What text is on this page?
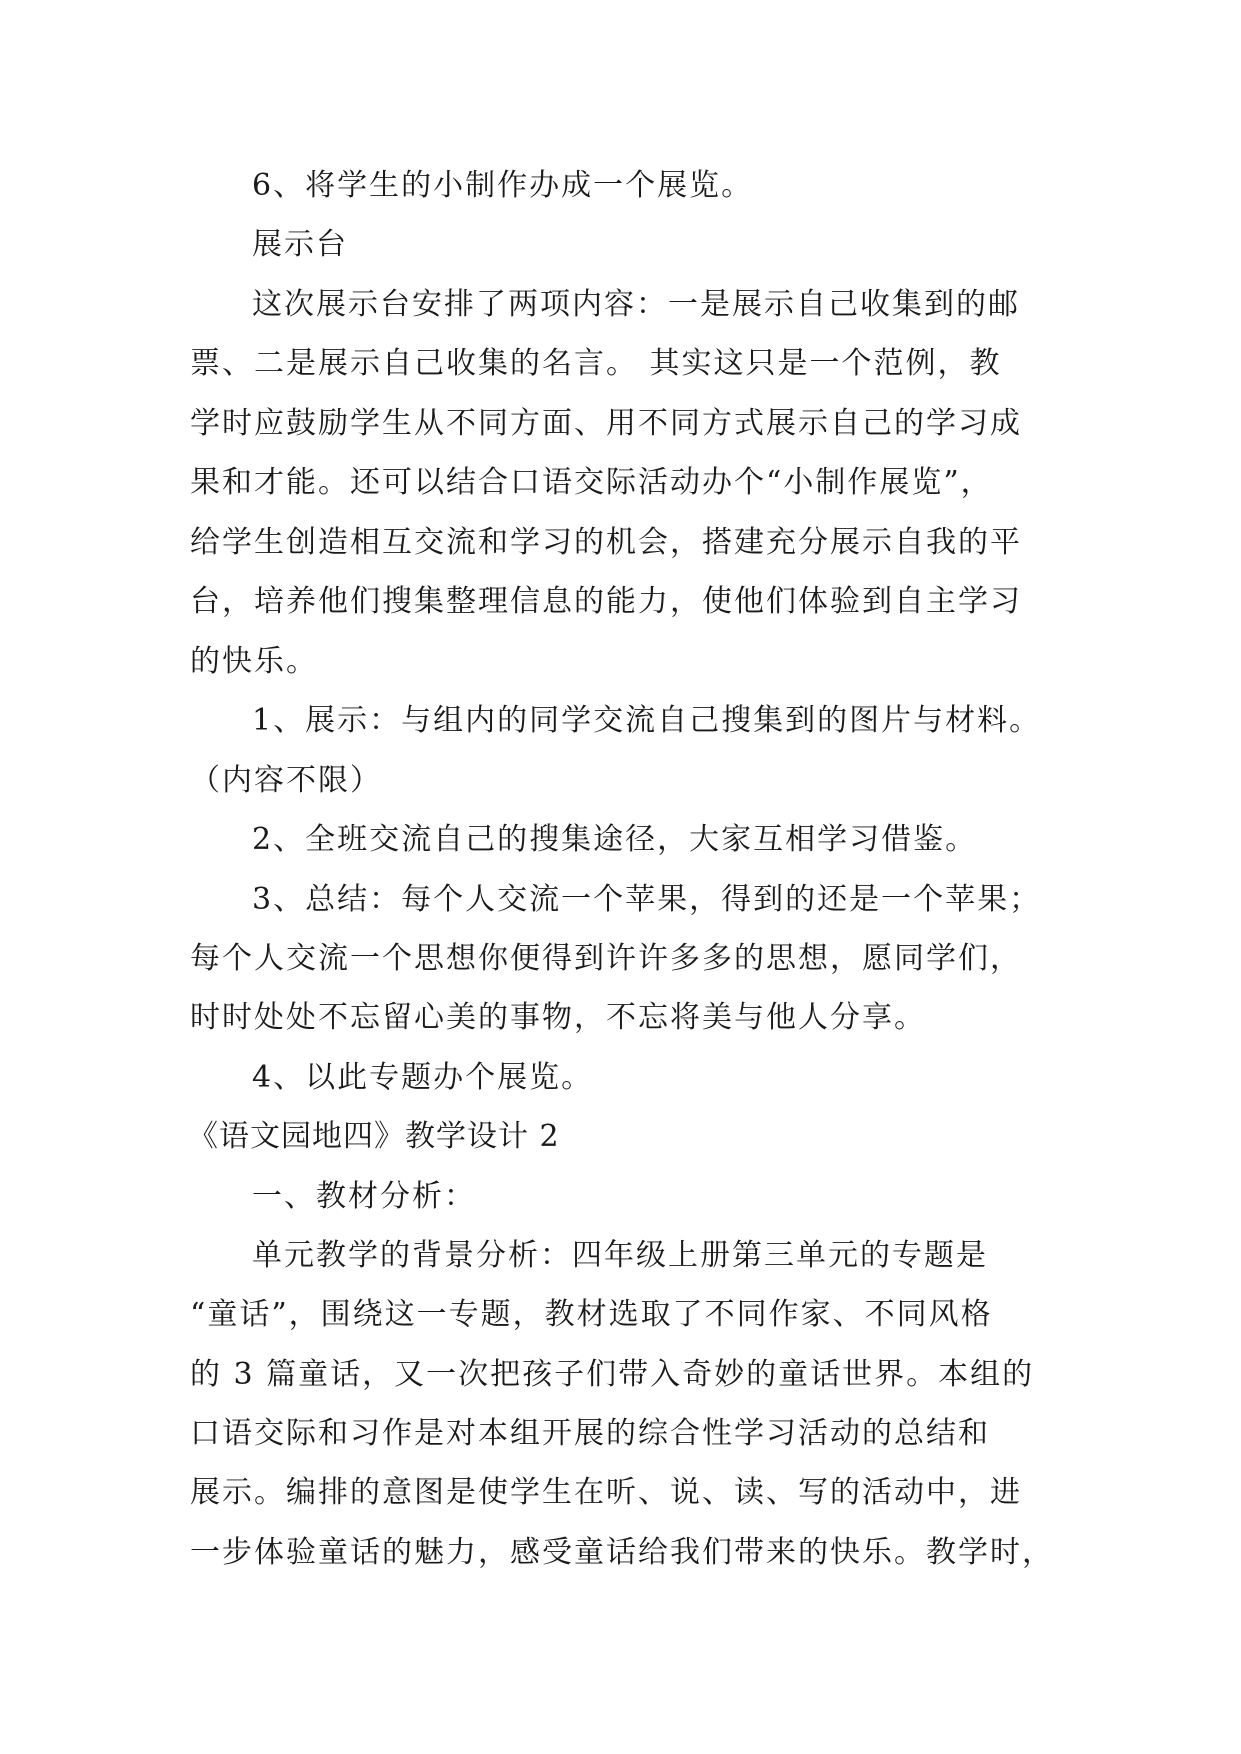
6、将学生的小制作办成一个展览。
展示台
这次展示台安排了两项内容：一是展示自己收集到的邮
票、二是展示自己收集的名言。 其实这只是一个范例，教
学时应鼓励学生从不同方面、用不同方式展示自己的学习成
果和才能。还可以结合口语交际活动办个“小制作展览”，
给学生创造相互交流和学习的机会，搭建充分展示自我的平
台，培养他们搜集整理信息的能力，使他们体验到自主学习
的快乐。
1、展示：与组内的同学交流自己搜集到的图片与材料。
（内容不限）
2、全班交流自己的搜集途径，大家互相学习借鉴。
3、总结：每个人交流一个苹果，得到的还是一个苹果；
每个人交流一个思想你便得到许许多多的思想，愿同学们，
时时处处不忘留心美的事物，不忘将美与他人分享。
4、以此专题办个展览。
《语文园地四》教学设计 2
一、教材分析：
单元教学的背景分析：四年级上册第三单元的专题是
“童话”，围绕这一专题，教材选取了不同作家、不同风格
的 3 篇童话，又一次把孩子们带入奇妙的童话世界。本组的
口语交际和习作是对本组开展的综合性学习活动的总结和
展示。编排的意图是使学生在听、说、读、写的活动中，进
一步体验童话的魅力，感受童话给我们带来的快乐。教学时，
